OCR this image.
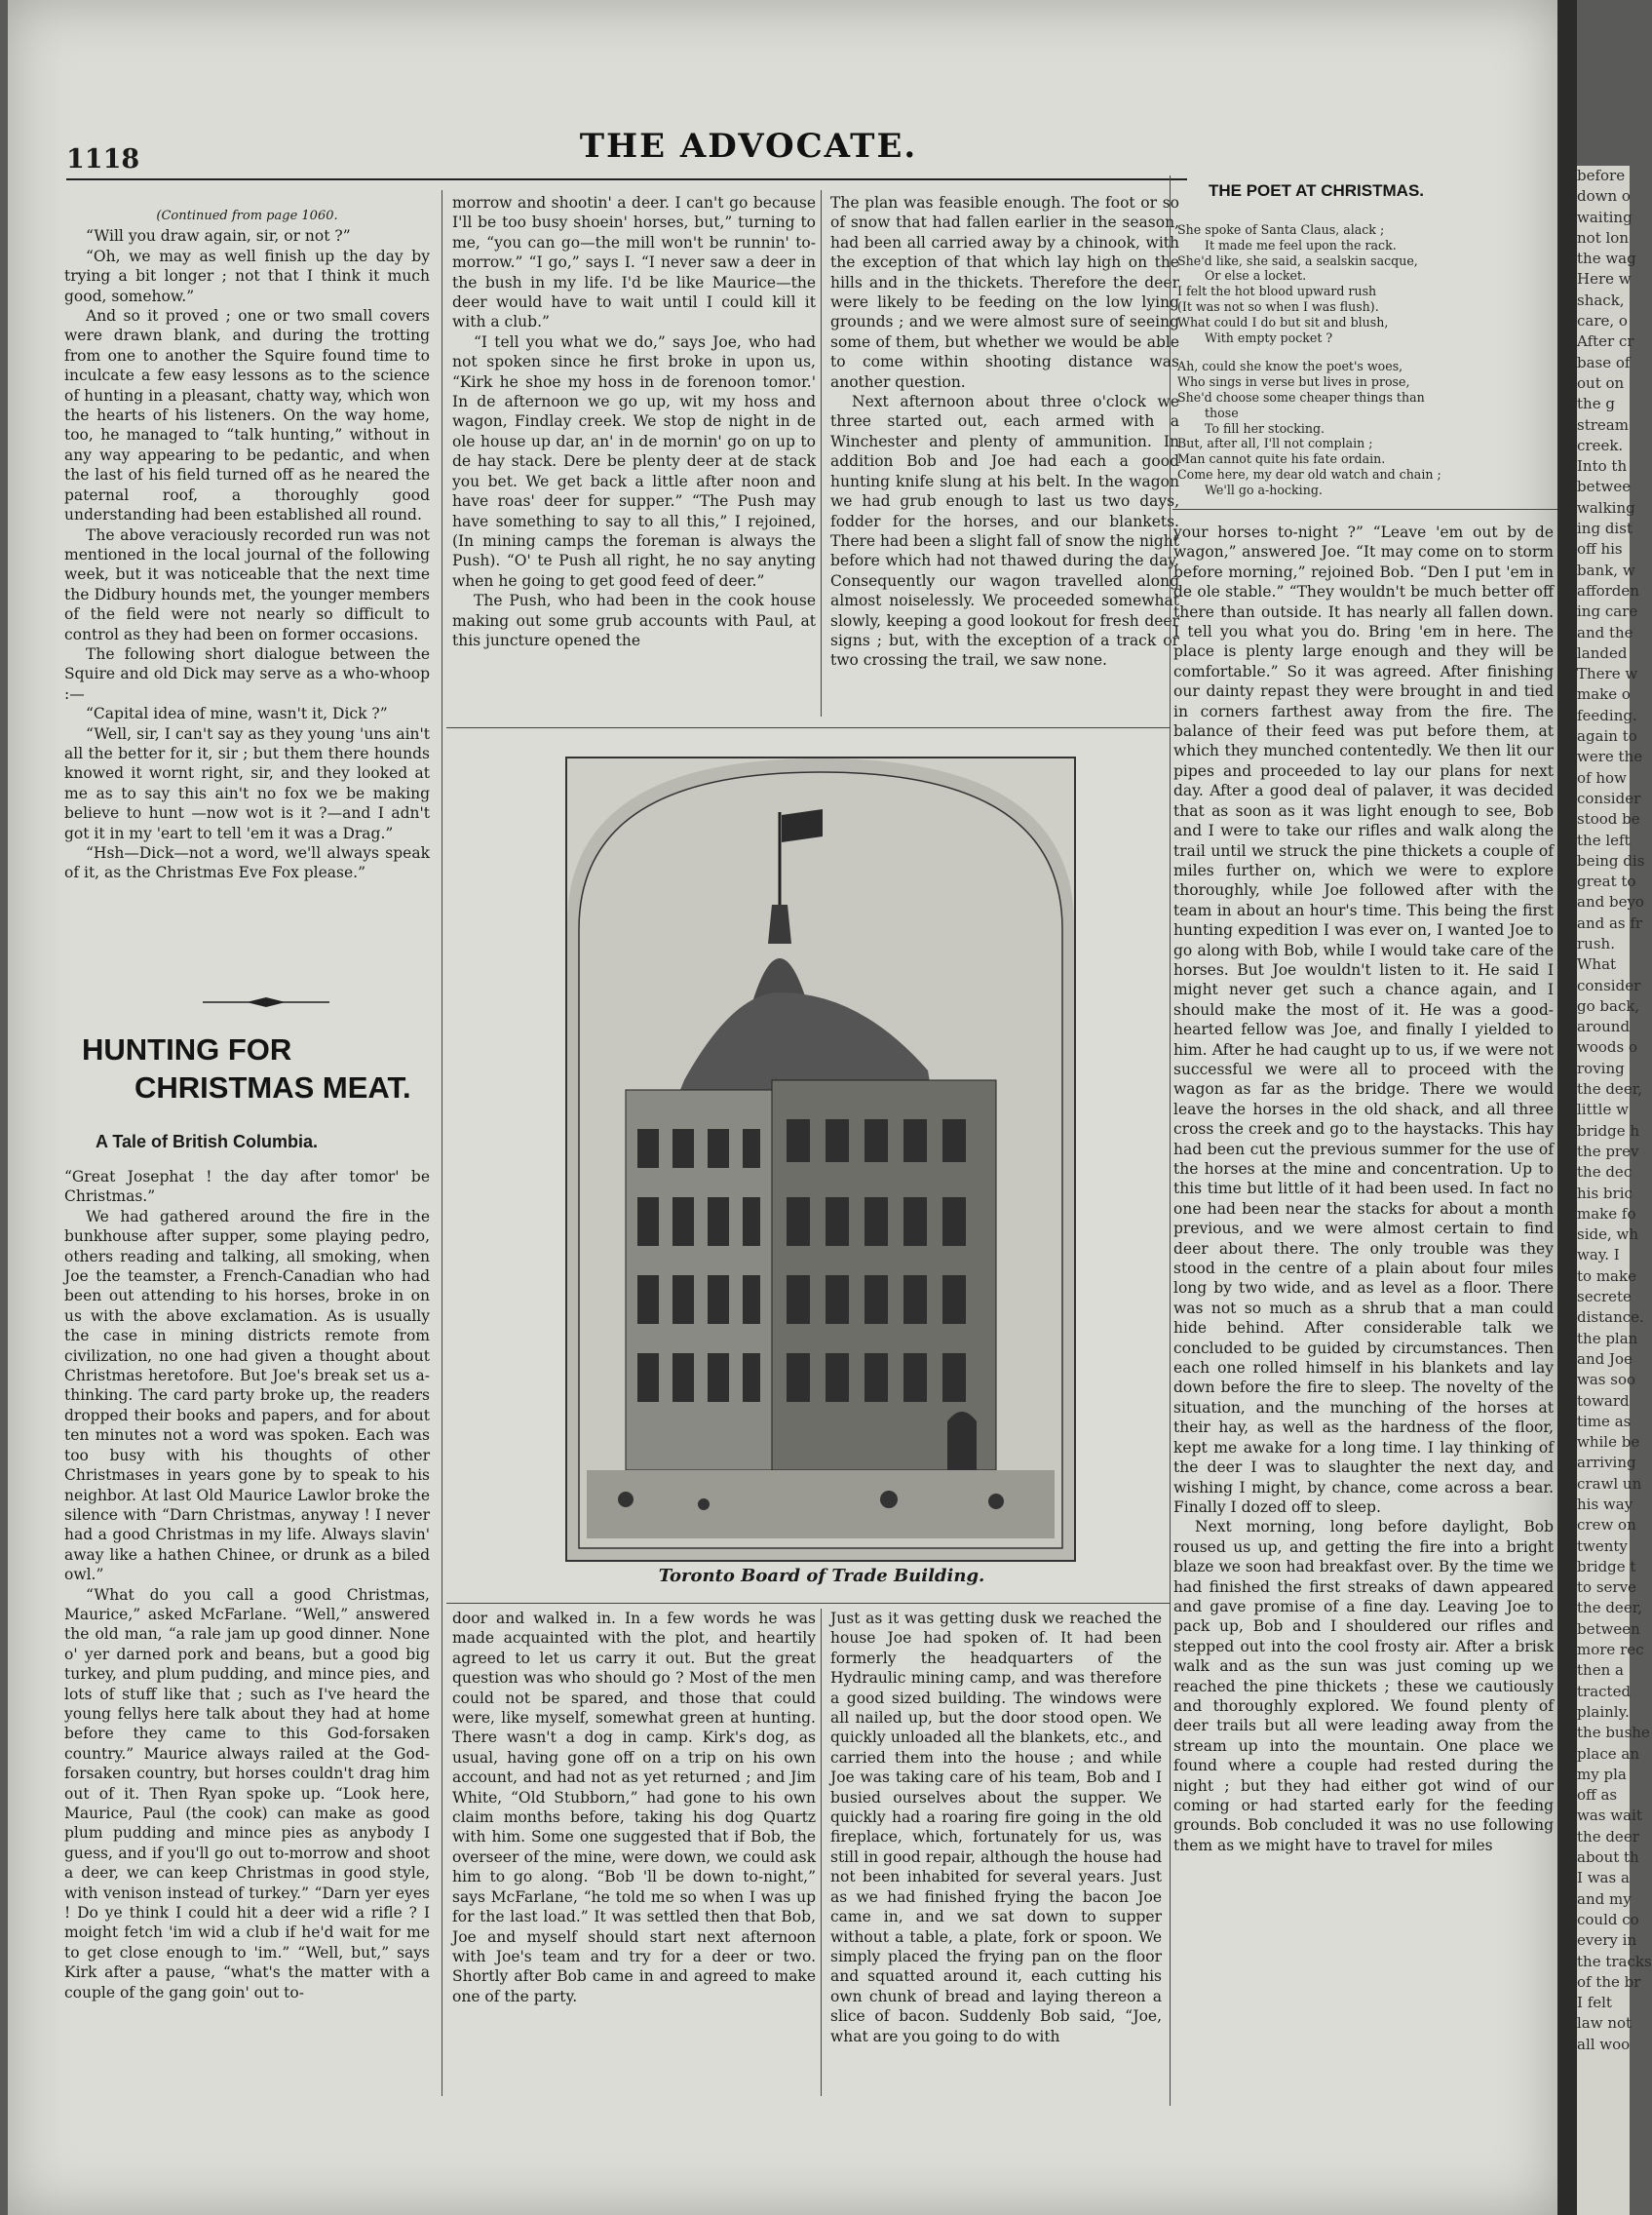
1118	THE ADVOCATE.

(Continued from page 1060.

“Will you draw again, sir, or not ?”

“Oh, we may as well finish up the day by trying a bit longer ; not that I think it much good, somehow.”

And so it proved ; one or two small covers were drawn blank, and during the trotting from one to another the Squire found time to inculcate a few easy lessons as to the science of hunting in a pleasant, chatty way, which won the hearts of his listeners. On the way home, too, he managed to “talk hunting,” without in any way appearing to be pedantic, and when the last of his field turned off as he neared the paternal roof, a thoroughly good understanding had been established all round.

The above veraciously recorded run was not mentioned in the local journal of the following week, but it was noticeable that the next time the Didbury hounds met, the younger members of the field were not nearly so difficult to control as they had been on former occasions.

The following short dialogue between the Squire and old Dick may serve as a who-whoop :—

“Capital idea of mine, wasn't it, Dick ?”

“Well, sir, I can't say as they young 'uns ain't all the better for it, sir ; but them there hounds knowed it wornt right, sir, and they looked at me as to say this ain't no fox we be making believe to hunt —now wot is it ?—and I adn't got it in my 'eart to tell 'em it was a Drag.”

“Hsh—Dick—not a word, we'll always speak of it, as the Christmas Eve Fox please.”

HUNTING FOR
CHRISTMAS MEAT.
A Tale of British Columbia.

“Great Josephat ! the day after tomor' be Christmas.”

We had gathered around the fire in the bunkhouse after supper, some playing pedro, others reading and talking, all smoking, when Joe the teamster, a French-Canadian who had been out attending to his horses, broke in on us with the above exclamation. As is usually the case in mining districts remote from civilization, no one had given a thought about Christmas heretofore. But Joe's break set us a-thinking. The card party broke up, the readers dropped their books and papers, and for about ten minutes not a word was spoken. Each was too busy with his thoughts of other Christmases in years gone by to speak to his neighbor. At last Old Maurice Lawlor broke the silence with “Darn Christmas, anyway ! I never had a good Christmas in my life. Always slavin' away like a hathen Chinee, or drunk as a biled owl.”

“What do you call a good Christmas, Maurice,” asked McFarlane. “Well,” answered the old man, “a rale jam up good dinner. None o' yer darned pork and beans, but a good big turkey, and plum pudding, and mince pies, and lots of stuff like that ; such as I've heard the young fellys here talk about they had at home before they came to this God-forsaken country.” Maurice always railed at the God-forsaken country, but horses couldn't drag him out of it. Then Ryan spoke up. “Look here, Maurice, Paul (the cook) can make as good plum pudding and mince pies as anybody I guess, and if you'll go out to-morrow and shoot a deer, we can keep Christmas in good style, with venison instead of turkey.” “Darn yer eyes ! Do ye think I could hit a deer wid a rifle ? I moight fetch 'im wid a club if he'd wait for me to get close enough to 'im.” “Well, but,” says Kirk after a pause, “what's the matter with a couple of the gang goin' out to-

morrow and shootin' a deer. I can't go because I'll be too busy shoein' horses, but,” turning to me, “you can go—the mill won't be runnin' to-morrow.” “I go,” says I. “I never saw a deer in the bush in my life. I'd be like Maurice—the deer would have to wait until I could kill it with a club.”

“I tell you what we do,” says Joe, who had not spoken since he first broke in upon us, “Kirk he shoe my hoss in de forenoon tomor.' In de afternoon we go up, wit my hoss and wagon, Findlay creek. We stop de night in de ole house up dar, an' in de mornin' go on up to de hay stack. Dere be plenty deer at de stack you bet. We get back a little after noon and have roas' deer for supper.” “The Push may have something to say to all this,” I rejoined, (In mining camps the foreman is always the Push). “O' te Push all right, he no say anyting when he going to get good feed of deer.”

The Push, who had been in the cook house making out some grub accounts with Paul, at this juncture opened the

The plan was feasible enough. The foot or so of snow that had fallen earlier in the season, had been all carried away by a chinook, with the exception of that which lay high on the hills and in the thickets. Therefore the deer were likely to be feeding on the low lying grounds ; and we were almost sure of seeing some of them, but whether we would be able to come within shooting distance was another question.

Next afternoon about three o'clock we three started out, each armed with a Winchester and plenty of ammunition. In addition Bob and Joe had each a good hunting knife slung at his belt. In the wagon we had grub enough to last us two days, fodder for the horses, and our blankets. There had been a slight fall of snow the night before which had not thawed during the day. Consequently our wagon travelled along almost noiselessly. We proceeded somewhat slowly, keeping a good lookout for fresh deer signs ; but, with the exception of a track or two crossing the trail, we saw none.

THE POET AT CHRISTMAS.
She spoke of Santa Claus, alack ;
It made me feel upon the rack.
She'd like, she said, a sealskin sacque,
Or else a locket.
I felt the hot blood upward rush
(It was not so when I was flush).
What could I do but sit and blush,
With empty pocket ?
Ah, could she know the poet's woes,
Who sings in verse but lives in prose,
She'd choose some cheaper things than
those
To fill her stocking.
But, after all, I'll not complain ;
Man cannot quite his fate ordain.
Come here, my dear old watch and chain ;
We'll go a-hocking.

your horses to-night ?” “Leave 'em out by de wagon,” answered Joe. “It may come on to storm before morning,” rejoined Bob. “Den I put 'em in de ole stable.” “They wouldn't be much better off there than outside. It has nearly all fallen down. I tell you what you do. Bring 'em in here. The place is plenty large enough and they will be comfortable.” So it was agreed. After finishing our dainty repast they were brought in and tied in corners farthest away from the fire. The balance of their feed was put before them, at which they munched contentedly. We then lit our pipes and proceeded to lay our plans for next day. After a good deal of palaver, it was decided that as soon as it was light enough to see, Bob and I were to take our rifles and walk along the trail until we struck the pine thickets a couple of miles further on, which we were to explore thoroughly, while Joe followed after with the team in about an hour's time. This being the first hunting expedition I was ever on, I wanted Joe to go along with Bob, while I would take care of the horses. But Joe wouldn't listen to it. He said I might never get such a chance again, and I should make the most of it. He was a good-hearted fellow was Joe, and finally I yielded to him. After he had caught up to us, if we were not successful we were all to proceed with the wagon as far as the bridge. There we would leave the horses in the old shack, and all three cross the creek and go to the haystacks. This hay had been cut the previous summer for the use of the horses at the mine and concentration. Up to this time but little of it had been used. In fact no one had been near the stacks for about a month previous, and we were almost certain to find deer about there. The only trouble was they stood in the centre of a plain about four miles long by two wide, and as level as a floor. There was not so much as a shrub that a man could hide behind. After considerable talk we concluded to be guided by circumstances. Then each one rolled himself in his blankets and lay down before the fire to sleep. The novelty of the situation, and the munching of the horses at their hay, as well as the hardness of the floor, kept me awake for a long time. I lay thinking of the deer I was to slaughter the next day, and wishing I might, by chance, come across a bear. Finally I dozed off to sleep.

Next morning, long before daylight, Bob roused us up, and getting the fire into a bright blaze we soon had breakfast over. By the time we had finished the first streaks of dawn appeared and gave promise of a fine day. Leaving Joe to pack up, Bob and I shouldered our rifles and stepped out into the cool frosty air. After a brisk walk and as the sun was just coming up we reached the pine thickets ; these we cautiously and thoroughly explored. We found plenty of deer trails but all were leading away from the stream up into the mountain. One place we found where a couple had rested during the night ; but they had either got wind of our coming or had started early for the feeding grounds. Bob concluded it was no use following them as we might have to travel for miles

Toronto Board of Trade Building.

door and walked in. In a few words he was made acquainted with the plot, and heartily agreed to let us carry it out. But the great question was who should go ? Most of the men could not be spared, and those that could were, like myself, somewhat green at hunting. There wasn't a dog in camp. Kirk's dog, as usual, having gone off on a trip on his own account, and had not as yet returned ; and Jim White, “Old Stubborn,” had gone to his own claim months before, taking his dog Quartz with him. Some one suggested that if Bob, the overseer of the mine, were down, we could ask him to go along. “Bob 'll be down to-night,” says McFarlane, “he told me so when I was up for the last load.” It was settled then that Bob, Joe and myself should start next afternoon with Joe's team and try for a deer or two. Shortly after Bob came in and agreed to make one of the party.

Just as it was getting dusk we reached the house Joe had spoken of. It had been formerly the headquarters of the Hydraulic mining camp, and was therefore a good sized building. The windows were all nailed up, but the door stood open. We quickly unloaded all the blankets, etc., and carried them into the house ; and while Joe was taking care of his team, Bob and I busied ourselves about the supper. We quickly had a roaring fire going in the old fireplace, which, fortunately for us, was still in good repair, although the house had not been inhabited for several years. Just as we had finished frying the bacon Joe came in, and we sat down to supper without a table, a plate, fork or spoon. We simply placed the frying pan on the floor and squatted around it, each cutting his own chunk of bread and laying thereon a slice of bacon. Suddenly Bob said, “Joe, what are you going to do with

before
down o
waiting
not lon
the wag
Here w
shack,
care, o
After cr
base of
out on
the g
stream
creek.
Into th
betwee
walking
ing dist
off his
bank, w
afforden
ing care
and the
landed
There w
make o
feeding.
again to
were the
of how
consider
stood be
the left
being dis
great to
and beyo
and as fr
rush.
What
consider
go back,
around
woods o
roving
the deer,
little w
bridge h
the prev
the dec
his bric
make fo
side, wh
way. I
to make
secrete
distance.
the plan
and Joe
was soo
toward
time as
while be
arriving
crawl un
his way
crew on
twenty
bridge t
to serve
the deer,
between
more rec
then a
tracted
plainly.
the bushe
place an
my pla
off as
was wait
the deer
about th
I was a
and my
could co
every in
the tracks
of the br
I felt
law not
all woo
